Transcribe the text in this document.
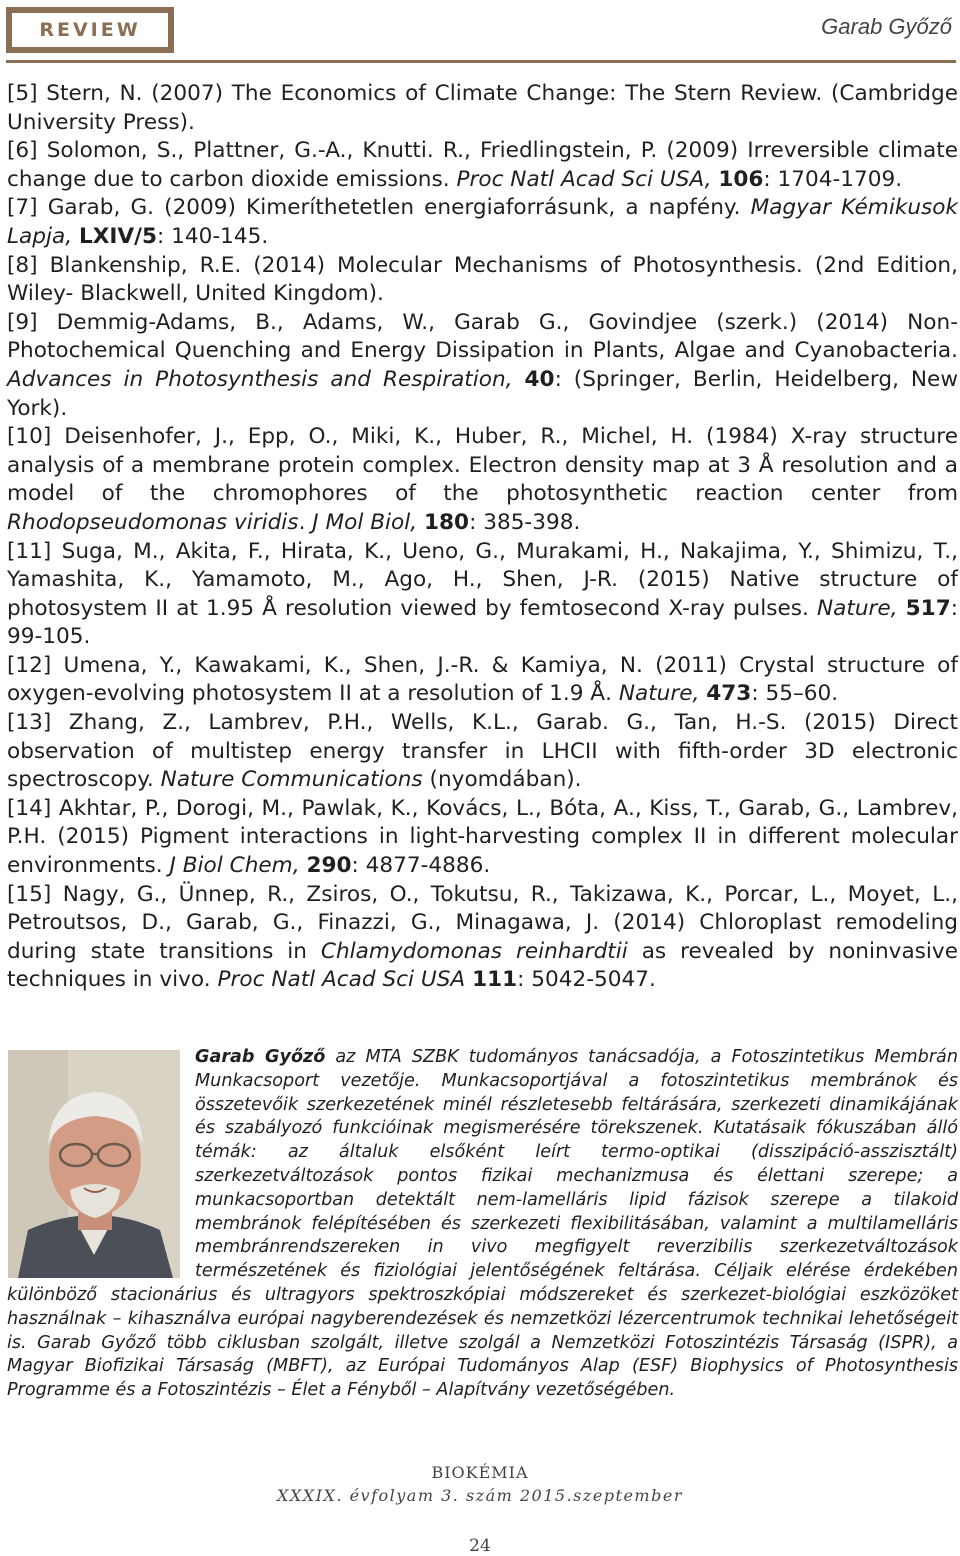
REVIEW	Garab Győző

[5] Stern, N. (2007) The Economics of Climate Change: The Stern Review. (Cambridge University Press).

[6] Solomon, S., Plattner, G.-A., Knutti. R., Friedlingstein, P. (2009) Irreversible climate change due to carbon dioxide emissions. Proc Natl Acad Sci USA, 106: 1704-1709.

[7] Garab, G. (2009) Kimeríthetetlen energiaforrásunk, a napfény. Magyar Kémikusok Lapja, LXIV/5: 140-145.

[8] Blankenship, R.E. (2014) Molecular Mechanisms of Photosynthesis. (2nd Edition, Wiley- Blackwell, United Kingdom).

[9] Demmig-Adams, B., Adams, W., Garab G., Govindjee (szerk.) (2014) Non-Photochemical Quenching and Energy Dissipation in Plants, Algae and Cyanobacteria. Advances in Photosynthesis and Respiration, 40: (Springer, Berlin, Heidelberg, New York).

[10] Deisenhofer, J., Epp, O., Miki, K., Huber, R., Michel, H. (1984) X-ray structure analysis of a membrane protein complex. Electron density map at 3 Å resolution and a model of the chromophores of the photosynthetic reaction center from Rhodopseudomonas viridis. J Mol Biol, 180: 385-398.

[11] Suga, M., Akita, F., Hirata, K., Ueno, G., Murakami, H., Nakajima, Y., Shimizu, T., Yamashita, K., Yamamoto, M., Ago, H., Shen, J-R. (2015) Native structure of photosystem II at 1.95 Å resolution viewed by femtosecond X-ray pulses. Nature, 517: 99-105.

[12] Umena, Y., Kawakami, K., Shen, J.-R. & Kamiya, N. (2011) Crystal structure of oxygen-evolving photosystem II at a resolution of 1.9 Å. Nature, 473: 55–60.

[13] Zhang, Z., Lambrev, P.H., Wells, K.L., Garab. G., Tan, H.-S. (2015) Direct observation of multistep energy transfer in LHCII with fifth-order 3D electronic spectroscopy. Nature Communications (nyomdában).

[14] Akhtar, P., Dorogi, M., Pawlak, K., Kovács, L., Bóta, A., Kiss, T., Garab, G., Lambrev, P.H. (2015) Pigment interactions in light-harvesting complex II in different molecular environments. J Biol Chem, 290: 4877-4886.

[15] Nagy, G., Ünnep, R., Zsiros, O., Tokutsu, R., Takizawa, K., Porcar, L., Moyet, L., Petroutsos, D., Garab, G., Finazzi, G., Minagawa, J. (2014) Chloroplast remodeling during state transitions in Chlamydomonas reinhardtii as revealed by noninvasive techniques in vivo. Proc Natl Acad Sci USA 111: 5042-5047.

Garab Győző az MTA SZBK tudományos tanácsadója, a Fotoszintetikus Membrán Munkacsoport vezetője. Munkacsoportjával a fotoszintetikus membránok és összetevőik szerkezetének minél részletesebb feltárására, szerkezeti dinamikájának és szabályozó funkcióinak megismerésére törekszenek. Kutatásaik fókuszában álló témák: az általuk elsőként leírt termo-optikai (disszipáció-asszisztált) szerkezetváltozások pontos fizikai mechanizmusa és élettani szerepe; a munkacsoportban detektált nem-lamelláris lipid fázisok szerepe a tilakoid membránok felépítésében és szerkezeti flexibilitásában, valamint a multilamelláris membránrendszereken in vivo megfigyelt reverzibilis szerkezetváltozások természetének és fiziológiai jelentőségének feltárása. Céljaik elérése érdekében különböző stacionárius és ultragyors spektroszkópiai módszereket és szerkezet-biológiai eszközöket használnak – kihasználva európai nagyberendezések és nemzetközi lézercentrumok technikai lehetőségeit is. Garab Győző több ciklusban szolgált, illetve szolgál a Nemzetközi Fotoszintézis Társaság (ISPR), a Magyar Biofizikai Társaság (MBFT), az Európai Tudományos Alap (ESF) Biophysics of Photosynthesis Programme és a Fotoszintézis – Élet a Fényből – Alapítvány vezetőségében.

BIOKÉMIA
XXXIX. évfolyam 3. szám 2015.szeptember
24
